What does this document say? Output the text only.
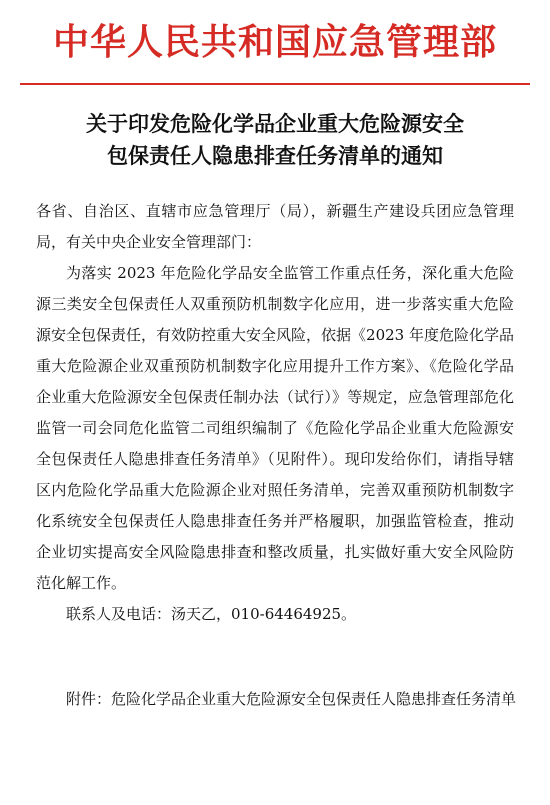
中华人民共和国应急管理部
关于印发危险化学品企业重大危险源安全
包保责任人隐患排查任务清单的通知

各省、自治区、直辖市应急管理厅（局），新疆生产建设兵团应急管理局，有关中央企业安全管理部门：

为落实 2023 年危险化学品安全监管工作重点任务，深化重大危险源三类安全包保责任人双重预防机制数字化应用，进一步落实重大危险源安全包保责任，有效防控重大安全风险，依据《2023 年度危险化学品重大危险源企业双重预防机制数字化应用提升工作方案》、《危险化学品企业重大危险源安全包保责任制办法（试行）》等规定，应急管理部危化监管一司会同危化监管二司组织编制了《危险化学品企业重大危险源安全包保责任人隐患排查任务清单》（见附件）。现印发给你们，请指导辖区内危险化学品重大危险源企业对照任务清单，完善双重预防机制数字化系统安全包保责任人隐患排查任务并严格履职，加强监管检查，推动企业切实提高安全风险隐患排查和整改质量，扎实做好重大安全风险防范化解工作。

联系人及电话：汤天乙，010-64464925。

附件：危险化学品企业重大危险源安全包保责任人隐患排查任务清单
